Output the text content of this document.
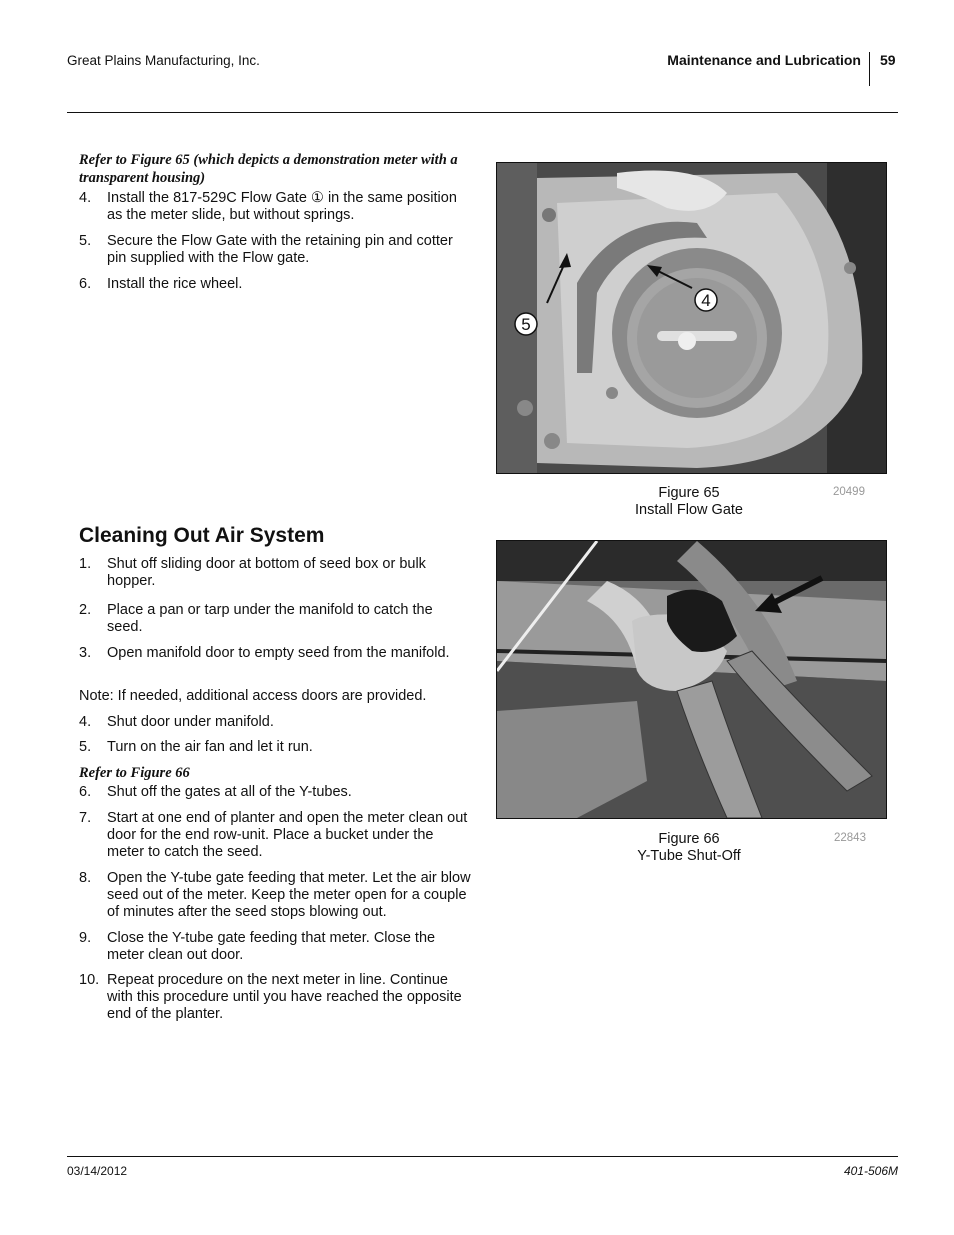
Great Plains Manufacturing, Inc.	Maintenance and Lubrication 59
Refer to Figure 65 (which depicts a demonstration meter with a transparent housing)
4. Install the 817-529C Flow Gate ① in the same position as the meter slide, but without springs.
5. Secure the Flow Gate with the retaining pin and cotter pin supplied with the Flow gate.
6. Install the rice wheel.
5
4
Figure 65
Install Flow Gate
20499
Cleaning Out Air System
1. Shut off sliding door at bottom of seed box or bulk hopper.
2. Place a pan or tarp under the manifold to catch the seed.
3. Open manifold door to empty seed from the manifold.
Note: If needed, additional access doors are provided.
4. Shut door under manifold.
5. Turn on the air fan and let it run.
Refer to Figure 66
6. Shut off the gates at all of the Y-tubes.
7. Start at one end of planter and open the meter clean out door for the end row-unit. Place a bucket under the meter to catch the seed.
8. Open the Y-tube gate feeding that meter. Let the air blow seed out of the meter. Keep the meter open for a couple of minutes after the seed stops blowing out.
9. Close the Y-tube gate feeding that meter. Close the meter clean out door.
10. Repeat procedure on the next meter in line. Continue with this procedure until you have reached the opposite end of the planter.
Figure 66
Y-Tube Shut-Off
22843
03/14/2012	401-506M
